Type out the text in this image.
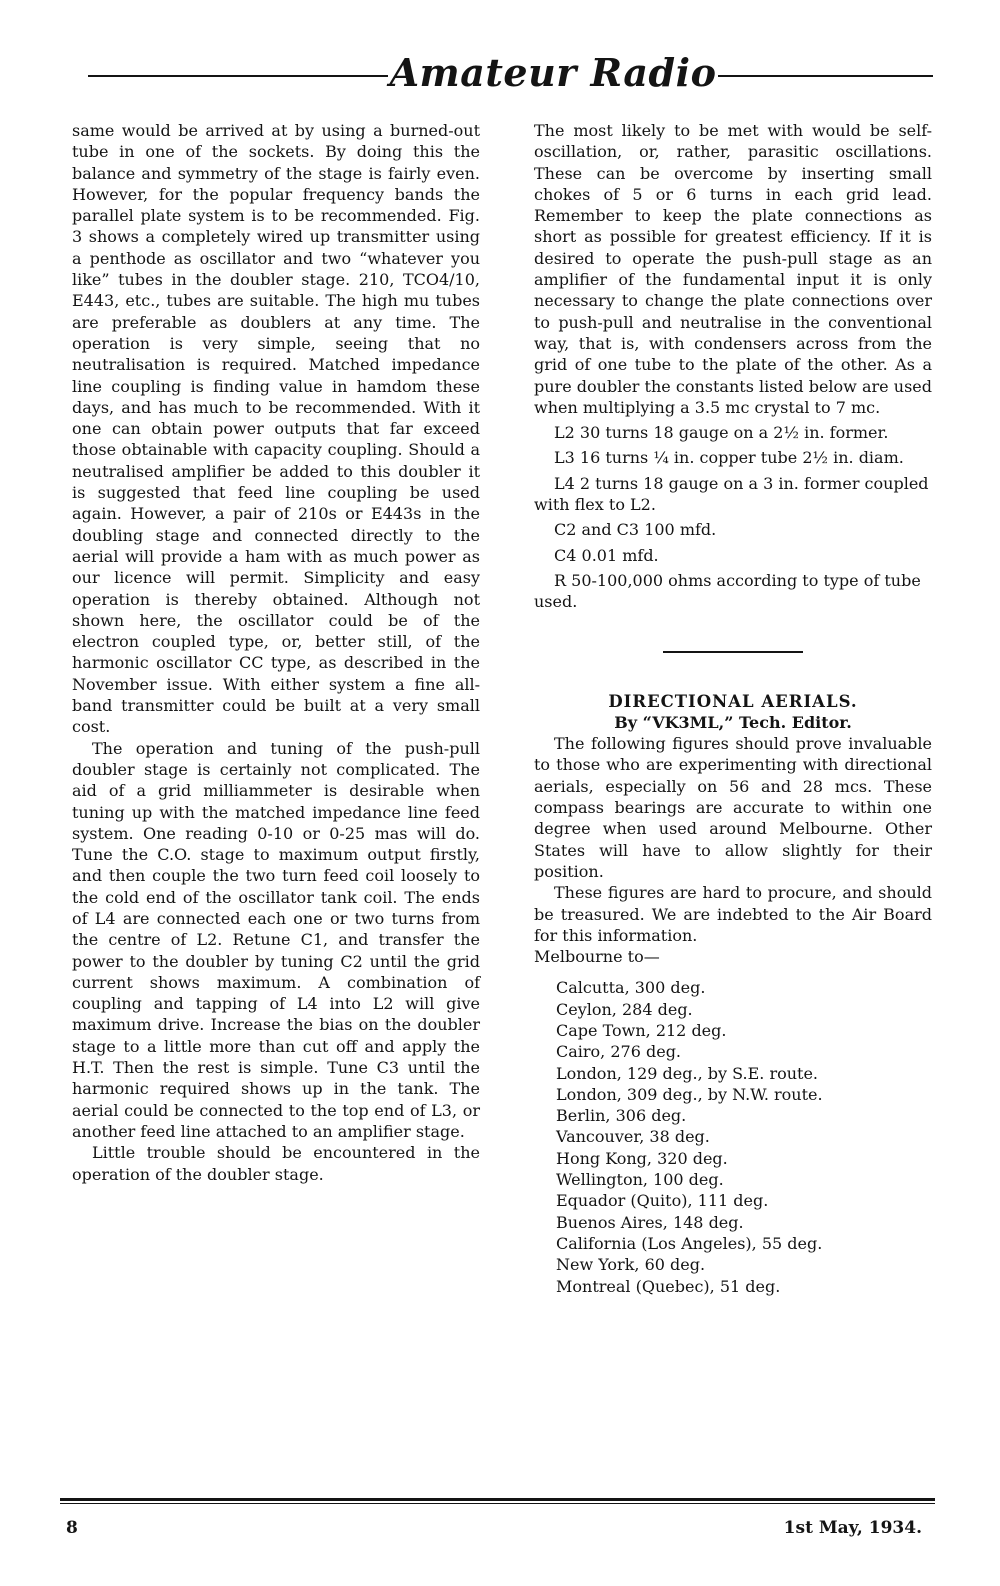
Amateur Radio

same would be arrived at by using a burned-out tube in one of the sockets. By doing this the balance and symmetry of the stage is fairly even. However, for the popular frequency bands the parallel plate system is to be recommended. Fig. 3 shows a completely wired up transmitter using a penthode as oscillator and two “whatever you like” tubes in the doubler stage. 210, TCO4/10, E443, etc., tubes are suitable. The high mu tubes are preferable as doublers at any time. The operation is very simple, seeing that no neutralisation is required. Matched impedance line coupling is finding value in hamdom these days, and has much to be recommended. With it one can obtain power outputs that far exceed those obtainable with capacity coupling. Should a neutralised amplifier be added to this doubler it is suggested that feed line coupling be used again. However, a pair of 210s or E443s in the doubling stage and connected directly to the aerial will provide a ham with as much power as our licence will permit. Simplicity and easy operation is thereby obtained. Although not shown here, the oscillator could be of the electron coupled type, or, better still, of the harmonic oscillator CC type, as described in the November issue. With either system a fine all-band transmitter could be built at a very small cost.

The operation and tuning of the push-pull doubler stage is certainly not complicated. The aid of a grid milliammeter is desirable when tuning up with the matched impedance line feed system. One reading 0-10 or 0-25 mas will do. Tune the C.O. stage to maximum output firstly, and then couple the two turn feed coil loosely to the cold end of the oscillator tank coil. The ends of L4 are connected each one or two turns from the centre of L2. Retune C1, and transfer the power to the doubler by tuning C2 until the grid current shows maximum. A combination of coupling and tapping of L4 into L2 will give maximum drive. Increase the bias on the doubler stage to a little more than cut off and apply the H.T. Then the rest is simple. Tune C3 until the harmonic required shows up in the tank. The aerial could be connected to the top end of L3, or another feed line attached to an amplifier stage.

Little trouble should be encountered in the operation of the doubler stage.

The most likely to be met with would be self-oscillation, or, rather, parasitic oscillations. These can be overcome by inserting small chokes of 5 or 6 turns in each grid lead. Remember to keep the plate connections as short as possible for greatest efficiency. If it is desired to operate the push-pull stage as an amplifier of the fundamental input it is only necessary to change the plate connections over to push-pull and neutralise in the conventional way, that is, with condensers across from the grid of one tube to the plate of the other. As a pure doubler the constants listed below are used when multiplying a 3.5 mc crystal to 7 mc.

L2 30 turns 18 gauge on a 2½ in. former.

L3 16 turns ¼ in. copper tube 2½ in. diam.

L4 2 turns 18 gauge on a 3 in. former coupled with flex to L2.

C2 and C3 100 mfd.

C4 0.01 mfd.

R 50-100,000 ohms according to type of tube used.

DIRECTIONAL AERIALS.

By “VK3ML,” Tech. Editor.

The following figures should prove invaluable to those who are experimenting with directional aerials, especially on 56 and 28 mcs. These compass bearings are accurate to within one degree when used around Melbourne. Other States will have to allow slightly for their position.

These figures are hard to procure, and should be treasured. We are indebted to the Air Board for this information.

Melbourne to—

Calcutta, 300 deg.
Ceylon, 284 deg.
Cape Town, 212 deg.
Cairo, 276 deg.
London, 129 deg., by S.E. route.
London, 309 deg., by N.W. route.
Berlin, 306 deg.
Vancouver, 38 deg.
Hong Kong, 320 deg.
Wellington, 100 deg.
Equador (Quito), 111 deg.
Buenos Aires, 148 deg.
California (Los Angeles), 55 deg.
New York, 60 deg.
Montreal (Quebec), 51 deg.
8	1st May, 1934.
